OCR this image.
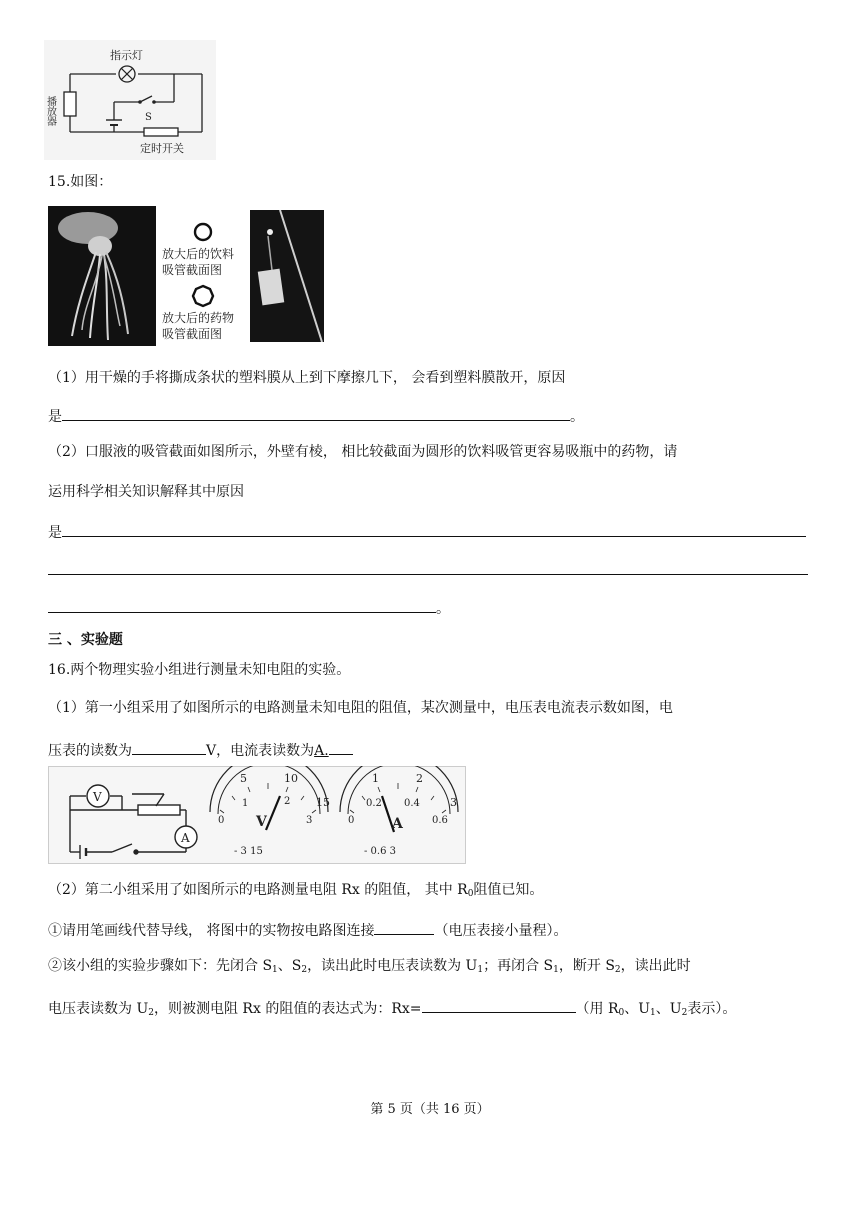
指示灯
播放器	S
定时开关
15.如图：
放大后的饮料
吸管截面图
放大后的药物
吸管截面图
（1）用干燥的手将撕成条状的塑料膜从上到下摩擦几下， 会看到塑料膜散开，原因
是	。
（2）口服液的吸管截面如图所示，外壁有棱， 相比较截面为圆形的饮料吸管更容易吸瓶中的药物，请
运用科学相关知识解释其中原因
是
。
三 、实验题
16.两个物理实验小组进行测量未知电阻的实验。
（1）第一小组采用了如图所示的电路测量未知电阻的阻值，某次测量中，电压表电流表示数如图，电
压表的读数为	V，电流表读数为A.
V
A
5	10
15
0
1	2
3
V
- 3 15
1	2
3
0
0.2 0.4
0.6
A
- 0.6 3
（2）第二小组采用了如图所示的电路测量电阻 Rx 的阻值， 其中 $R_0$阻值已知。
①请用笔画线代替导线， 将图中的实物按电路图连接	（电压表接小量程）。
②该小组的实验步骤如下：先闭合 $S_1$、$S_2$，读出此时电压表读数为 $U_1$；再闭合 $S_1$，断开 $S_2$，读出此时
电压表读数为 $U_2$，则被测电阻 Rx 的阻值的表达式为：Rx=	（用 $R_0$、$U_1$、$U_2$表示）。
第 5 页（共 16 页）
